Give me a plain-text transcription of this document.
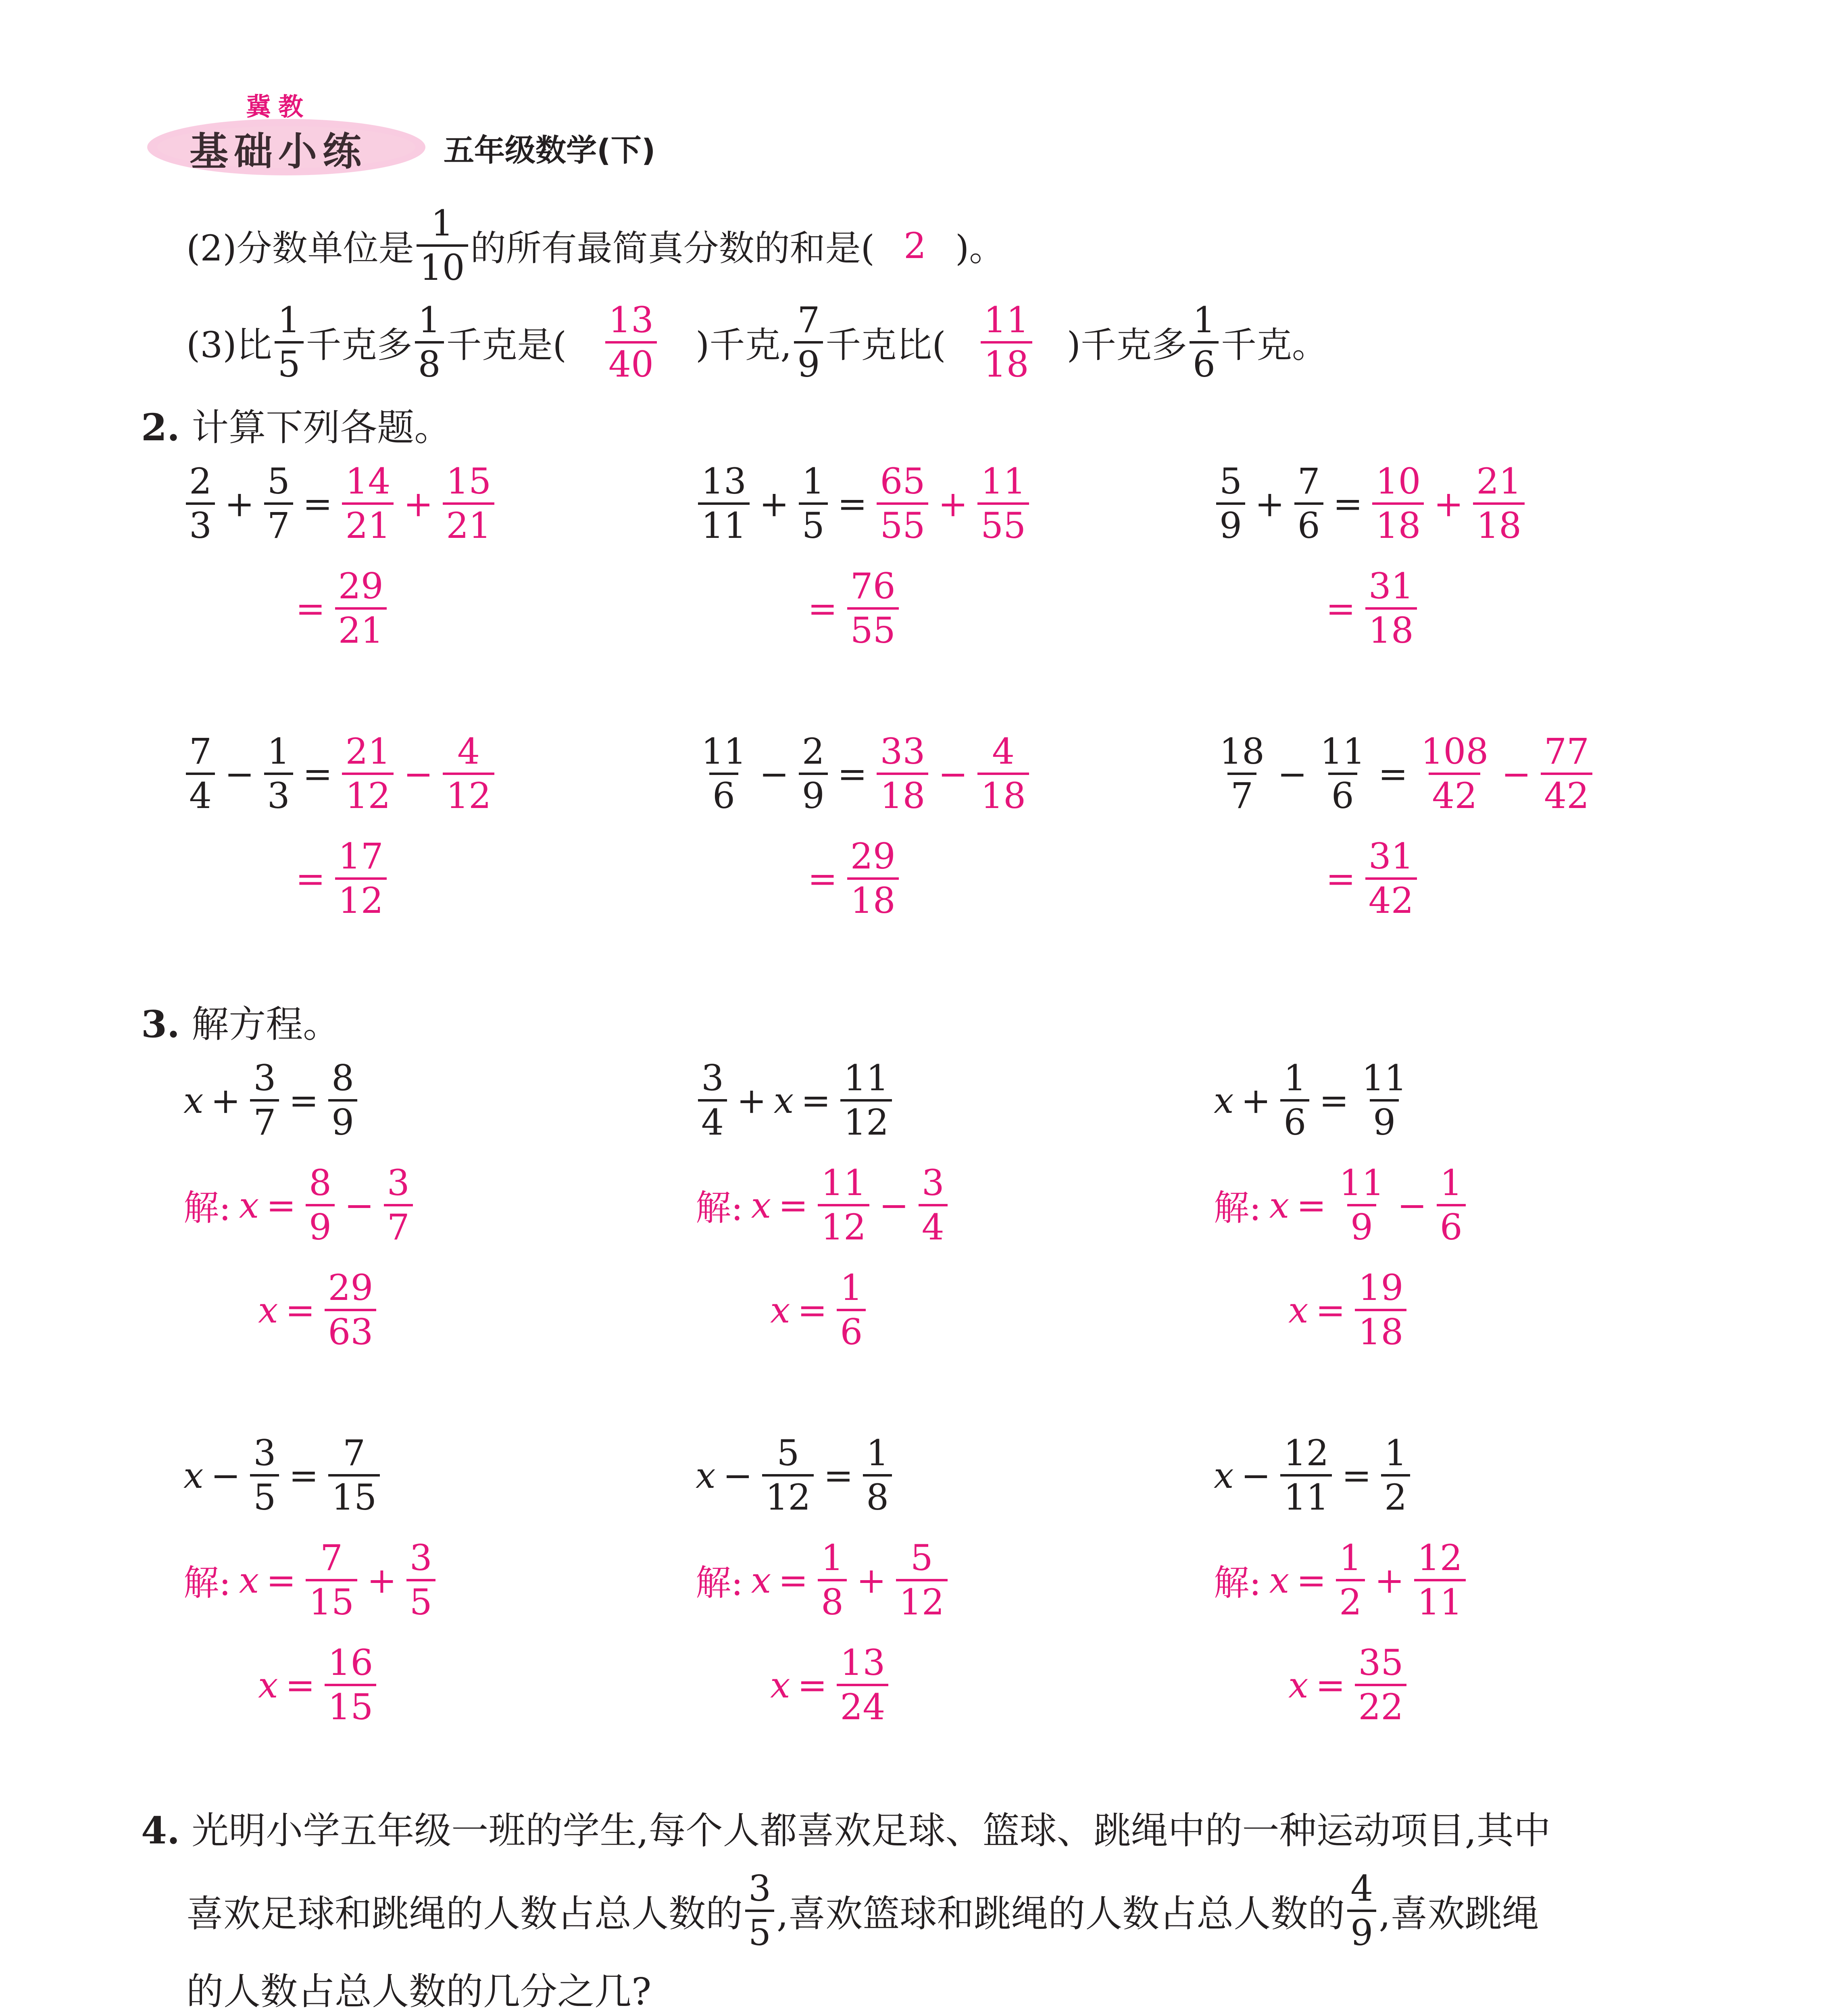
冀教
基础小练	五年级数学(下)
(2)分数单位是 $\frac{1}{10}$ 的所有最简真分数的和是( 2 )。
(3)比 $\frac{1}{5}$ 千克多 $\frac{1}{8}$ 千克是( $\frac{13}{40}$ )千克, $\frac{7}{9}$ 千克比( $\frac{11}{18}$ )千克多 $\frac{1}{6}$ 千克。
2. 计算下列各题。
$\frac{2}{3} + \frac{5}{7} = \frac{14}{21} + \frac{15}{21}$
= $\frac{29}{21}$
$\frac{13}{11} + \frac{1}{5} = \frac{65}{55} + \frac{11}{55}$
= $\frac{76}{55}$
$\frac{5}{9} + \frac{7}{6} = \frac{10}{18} + \frac{21}{18}$
= $\frac{31}{18}$
$\frac{7}{4} - \frac{1}{3} = \frac{21}{12} - \frac{4}{12}$
= $\frac{17}{12}$
$\frac{11}{6} - \frac{2}{9} = \frac{33}{18} - \frac{4}{18}$
= $\frac{29}{18}$
$\frac{18}{7} - \frac{11}{6} = \frac{108}{42} - \frac{77}{42}$
= $\frac{31}{42}$
3. 解方程。
$x + \frac{3}{7} = \frac{8}{9}$
解: $x = \frac{8}{9} - \frac{3}{7}$
$x = \frac{29}{63}$
$\frac{3}{4} + x = \frac{11}{12}$
解: $x = \frac{11}{12} - \frac{3}{4}$
$x = \frac{1}{6}$
$x + \frac{1}{6} = \frac{11}{9}$
解: $x = \frac{11}{9} - \frac{1}{6}$
$x = \frac{19}{18}$
$x - \frac{3}{5} = \frac{7}{15}$
解: $x = \frac{7}{15} + \frac{3}{5}$
$x = \frac{16}{15}$
$x - \frac{5}{12} = \frac{1}{8}$
解: $x = \frac{1}{8} + \frac{5}{12}$
$x = \frac{13}{24}$
$x - \frac{12}{11} = \frac{1}{2}$
解: $x = \frac{1}{2} + \frac{12}{11}$
$x = \frac{35}{22}$
4. 光明小学五年级一班的学生,每个人都喜欢足球、篮球、跳绳中的一种运动项目,其中
喜欢足球和跳绳的人数占总人数的 $\frac{3}{5}$ ,喜欢篮球和跳绳的人数占总人数的 $\frac{4}{9}$ ,喜欢跳绳
的人数占总人数的几分之几?
